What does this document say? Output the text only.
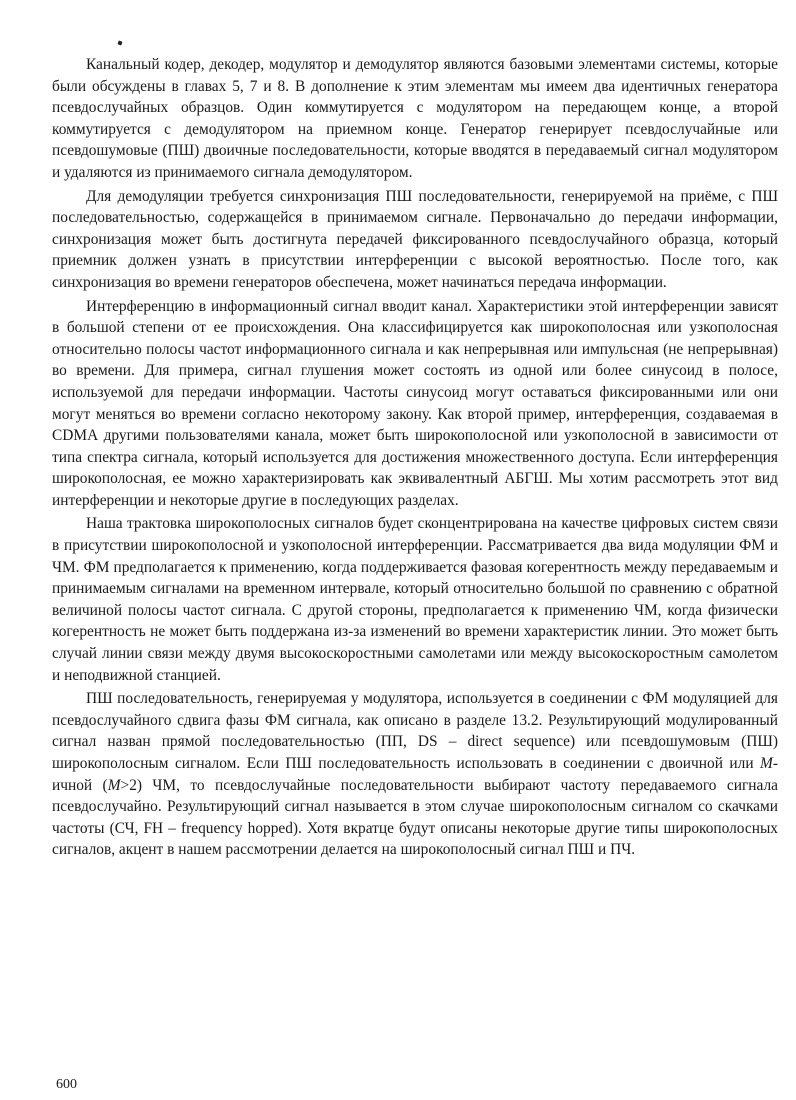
Канальный кодер, декодер, модулятор и демодулятор являются базовыми элементами системы, которые были обсуждены в главах 5, 7 и 8. В дополнение к этим элементам мы имеем два идентичных генератора псевдослучайных образцов. Один коммутируется с модулятором на передающем конце, а второй коммутируется с демодулятором на приемном конце. Генератор генерирует псевдослучайные или псевдошумовые (ПШ) двоичные последовательности, которые вводятся в передаваемый сигнал модулятором и удаляются из принимаемого сигнала демодулятором.

Для демодуляции требуется синхронизация ПШ последовательности, генерируемой на приёме, с ПШ последовательностью, содержащейся в принимаемом сигнале. Первоначально до передачи информации, синхронизация может быть достигнута передачей фиксированного псевдослучайного образца, который приемник должен узнать в присутствии интерференции с высокой вероятностью. После того, как синхронизация во времени генераторов обеспечена, может начинаться передача информации.

Интерференцию в информационный сигнал вводит канал. Характеристики этой интерференции зависят в большой степени от ее происхождения. Она классифицируется как широкополосная или узкополосная относительно полосы частот информационного сигнала и как непрерывная или импульсная (не непрерывная) во времени. Для примера, сигнал глушения может состоять из одной или более синусоид в полосе, используемой для передачи информации. Частоты синусоид могут оставаться фиксированными или они могут меняться во времени согласно некоторому закону. Как второй пример, интерференция, создаваемая в CDMA другими пользователями канала, может быть широкополосной или узкополосной в зависимости от типа спектра сигнала, который используется для достижения множественного доступа. Если интерференция широкополосная, ее можно характеризировать как эквивалентный АБГШ. Мы хотим рассмотреть этот вид интерференции и некоторые другие в последующих разделах.

Наша трактовка широкополосных сигналов будет сконцентрирована на качестве цифровых систем связи в присутствии широкополосной и узкополосной интерференции. Рассматривается два вида модуляции ФМ и ЧМ. ФМ предполагается к применению, когда поддерживается фазовая когерентность между передаваемым и принимаемым сигналами на временном интервале, который относительно большой по сравнению с обратной величиной полосы частот сигнала. С другой стороны, предполагается к применению ЧМ, когда физически когерентность не может быть поддержана из-за изменений во времени характеристик линии. Это может быть случай линии связи между двумя высокоскоростными самолетами или между высокоскоростным самолетом и неподвижной станцией.

ПШ последовательность, генерируемая у модулятора, используется в соединении с ФМ модуляцией для псевдослучайного сдвига фазы ФМ сигнала, как описано в разделе 13.2. Результирующий модулированный сигнал назван прямой последовательностью (ПП, DS – direct sequence) или псевдошумовым (ПШ) широкополосным сигналом. Если ПШ последовательность использовать в соединении с двоичной или M-ичной (M>2) ЧМ, то псевдослучайные последовательности выбирают частоту передаваемого сигнала псевдослучайно. Результирующий сигнал называется в этом случае широкополосным сигналом со скачками частоты (СЧ, FH – frequency hopped). Хотя вкратце будут описаны некоторые другие типы широкополосных сигналов, акцент в нашем рассмотрении делается на широкополосный сигнал ПШ и ПЧ.

600
